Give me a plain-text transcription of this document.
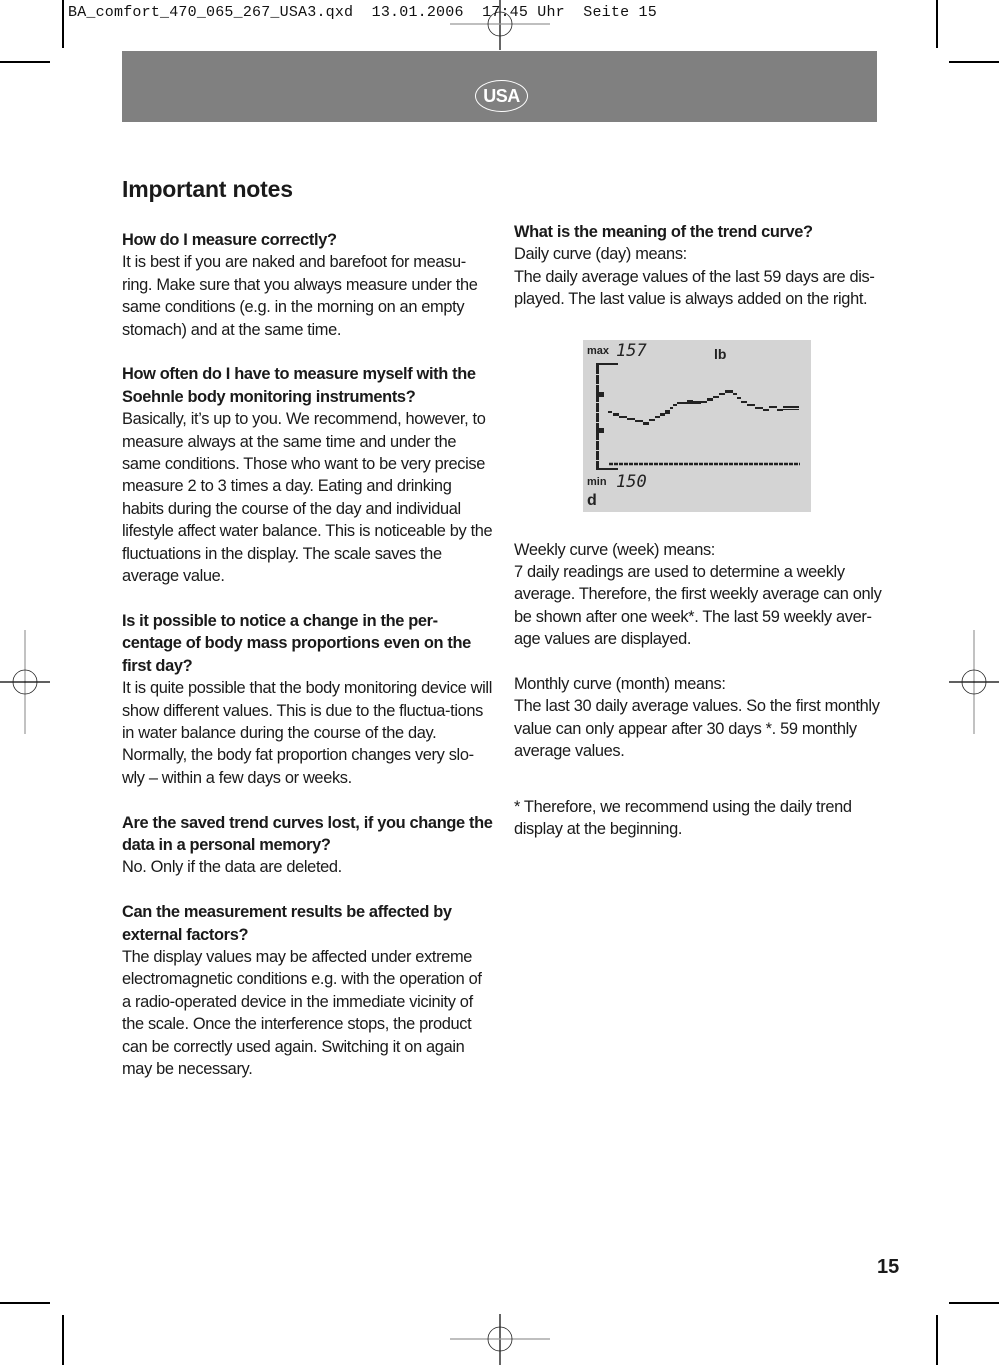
BA_comfort_470_065_267_USA3.qxd  13.01.2006  17:45 Uhr  Seite 15
USA
Important notes
How do I measure correctly?

It is best if you are naked and barefoot for measu-ring. Make sure that you always measure under the same conditions (e.g. in the morning on an empty stomach) and at the same time.

How often do I have to measure myself with the Soehnle body monitoring instruments?

Basically, it’s up to you. We recommend, however, to measure always at the same time and under the same conditions. Those who want to be very precise measure 2 to 3 times a day. Eating and drinking habits during the course of the day and individual lifestyle affect water balance. This is noticeable by the fluctuations in the display. The scale saves the average value.

Is it possible to notice a change in the per-centage of body mass proportions even on the first day?

It is quite possible that the body monitoring device will show different values. This is due to the fluctua-tions in water balance during the course of the day. Normally, the body fat proportion changes very slo-wly – within a few days or weeks.

Are the saved trend curves lost, if you change the data in a personal memory?

No. Only if the data are deleted.

Can the measurement results be affected by external factors?

The display values may be affected under extreme electromagnetic conditions e.g. with the operation of a radio-operated device in the immediate vicinity of the scale. Once the interference stops, the product can be correctly used again. Switching it on again may be necessary.

What is the meaning of the trend curve?

Daily curve (day) means:

The daily average values of the last 59 days are dis-played. The last value is always added on the right.

Weekly curve (week) means:

7 daily readings are used to determine a weekly average. Therefore, the first weekly average can only be shown after one week*. The last 59 weekly aver-age values are displayed.

Monthly curve (month) means:

The last 30 daily average values. So the first monthly value can only appear after 30 days *. 59 monthly average values.

* Therefore, we recommend using the daily trend display at the beginning.

max 157	lb
min 150
d
15
